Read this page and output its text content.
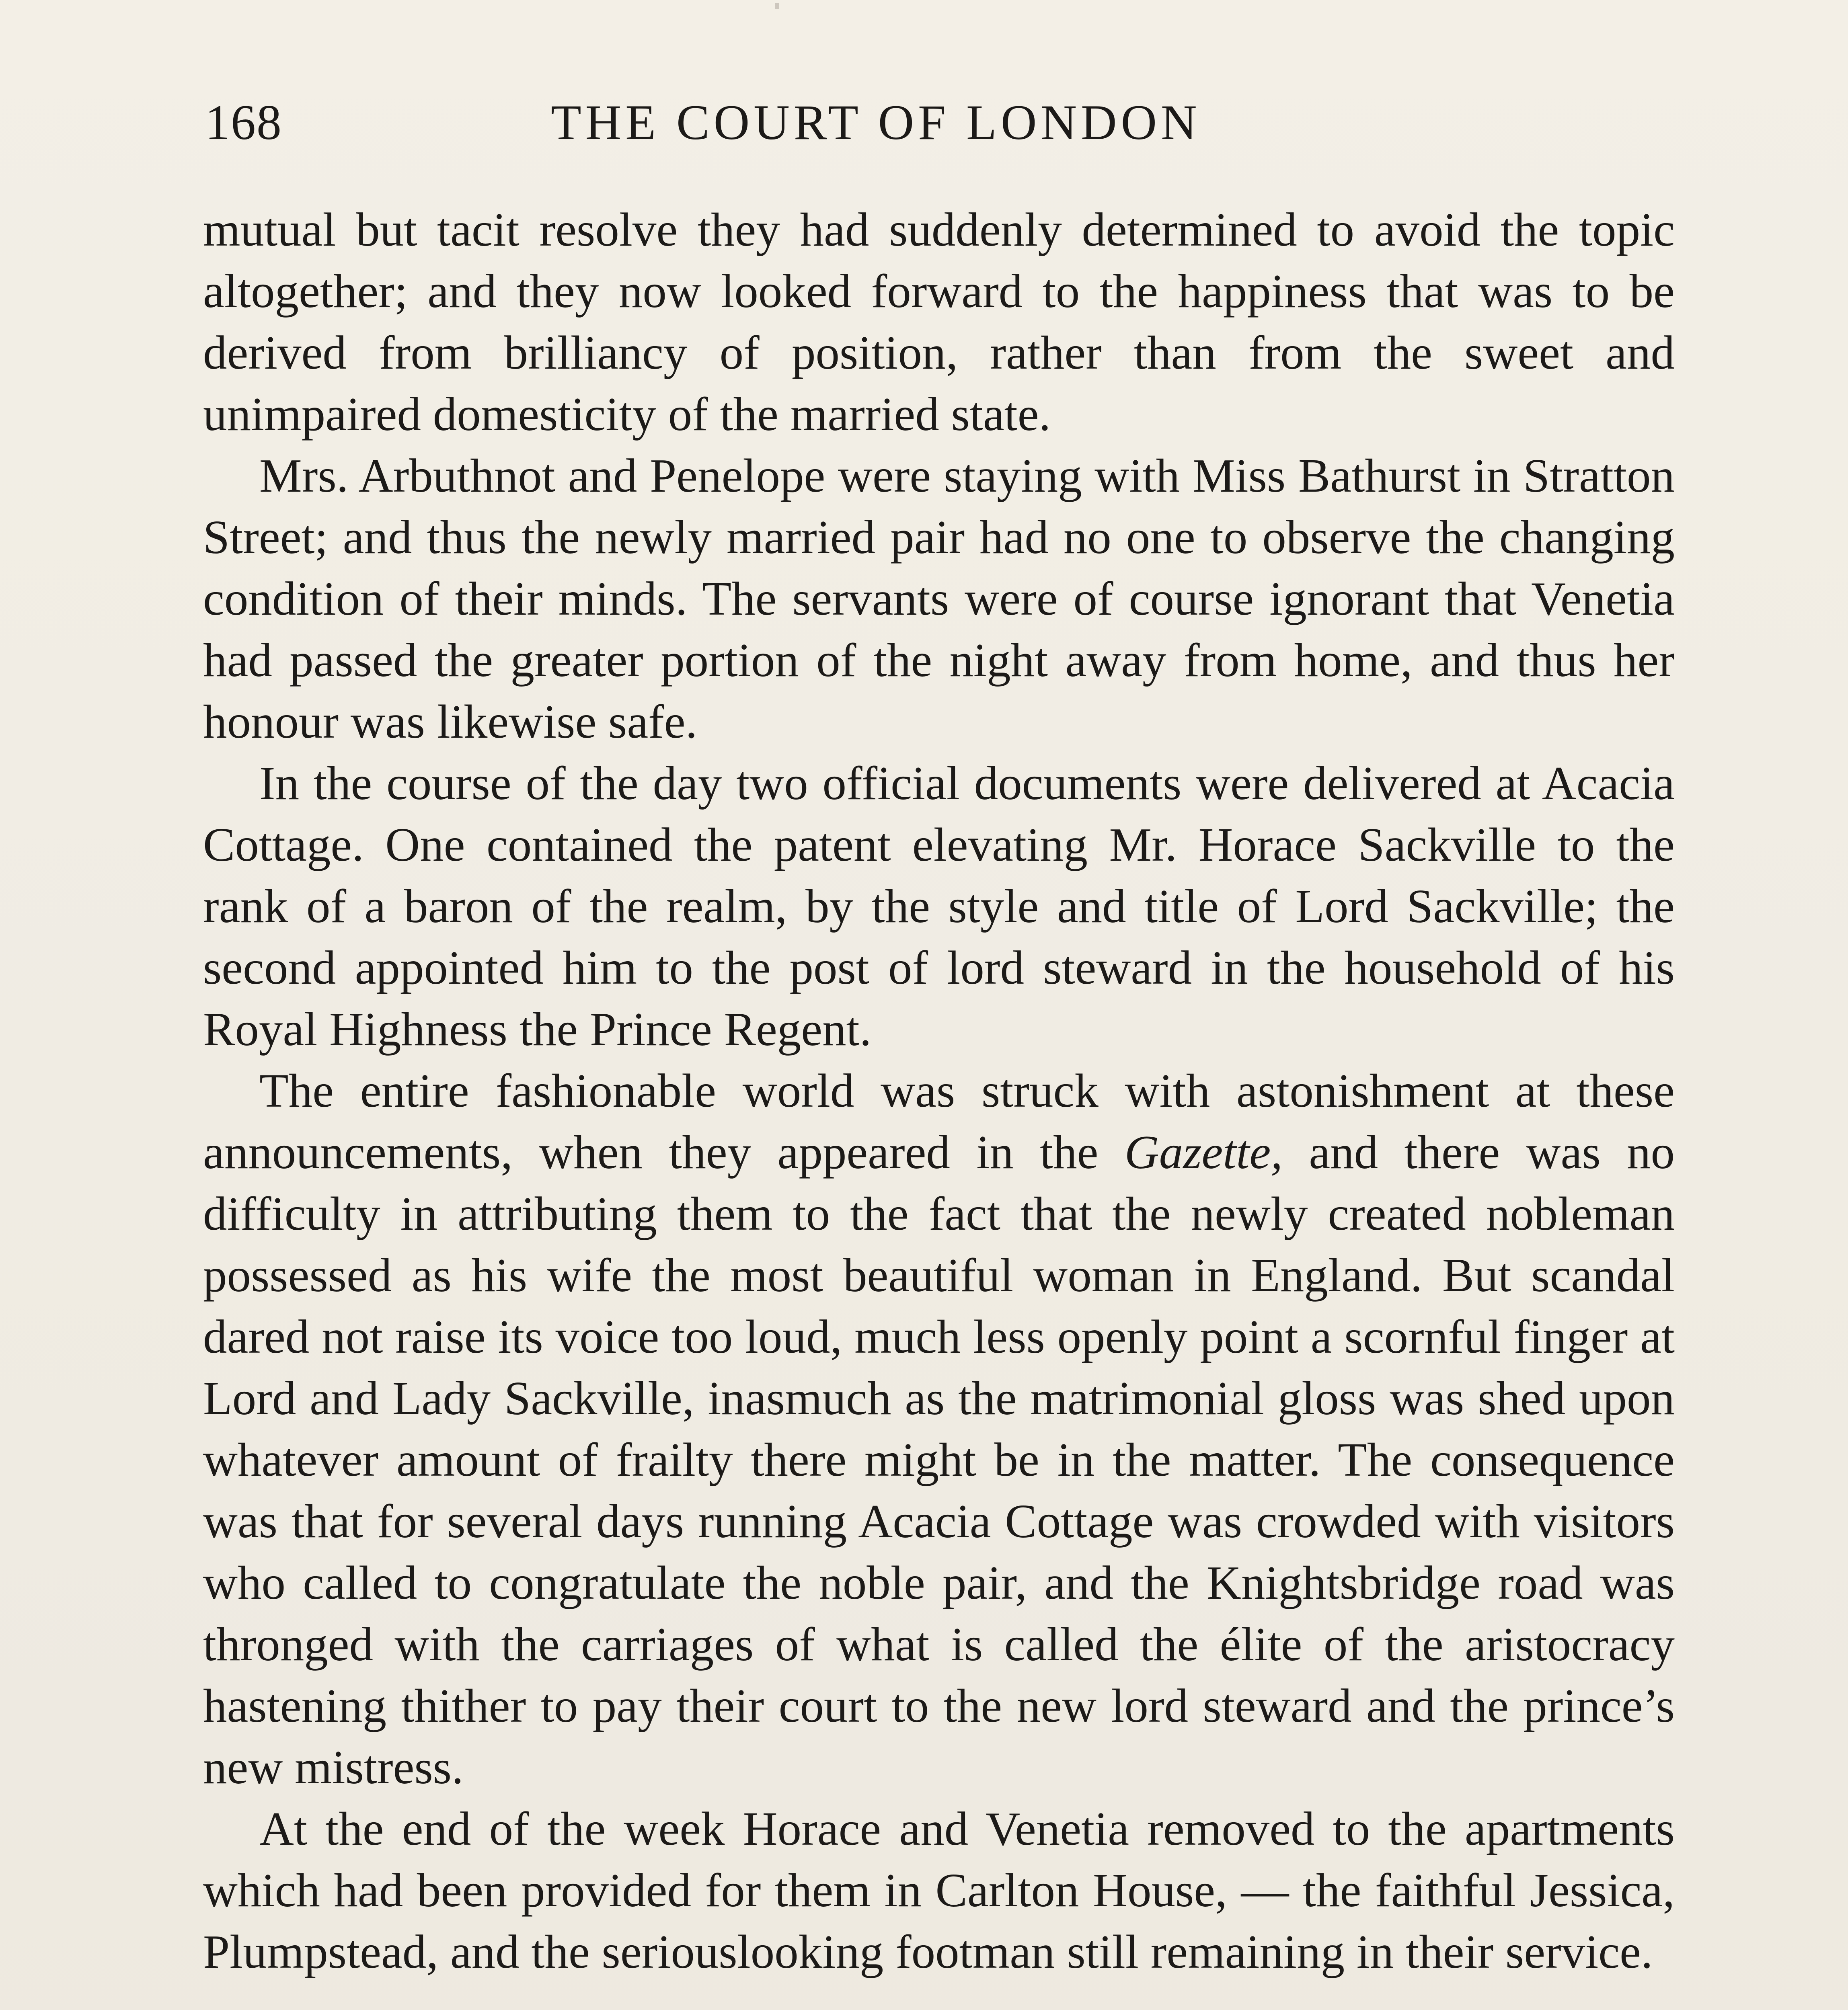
168	THE COURT OF LONDON

mutual but tacit resolve they had suddenly determined to avoid the topic altogether; and they now looked forward to the happiness that was to be derived from brilliancy of position, rather than from the sweet and unimpaired domesticity of the married state.

Mrs. Arbuthnot and Penelope were staying with Miss Bathurst in Stratton Street; and thus the newly married pair had no one to observe the changing condition of their minds. The servants were of course ignorant that Venetia had passed the greater portion of the night away from home, and thus her honour was likewise safe.

In the course of the day two official documents were delivered at Acacia Cottage. One contained the patent elevating Mr. Horace Sackville to the rank of a baron of the realm, by the style and title of Lord Sackville; the second appointed him to the post of lord steward in the household of his Royal Highness the Prince Regent.

The entire fashionable world was struck with astonishment at these announcements, when they appeared in the Gazette, and there was no difficulty in attributing them to the fact that the newly created nobleman possessed as his wife the most beautiful woman in England. But scandal dared not raise its voice too loud, much less openly point a scornful finger at Lord and Lady Sackville, inasmuch as the matrimonial gloss was shed upon whatever amount of frailty there might be in the matter. The consequence was that for several days running Acacia Cottage was crowded with visitors who called to congratulate the noble pair, and the Knightsbridge road was thronged with the carriages of what is called the élite of the aristocracy hastening thither to pay their court to the new lord steward and the prince’s new mistress.

At the end of the week Horace and Venetia removed to the apartments which had been provided for them in Carlton House, — the faithful Jessica, Plumpstead, and the seriouslooking footman still remaining in their service.
